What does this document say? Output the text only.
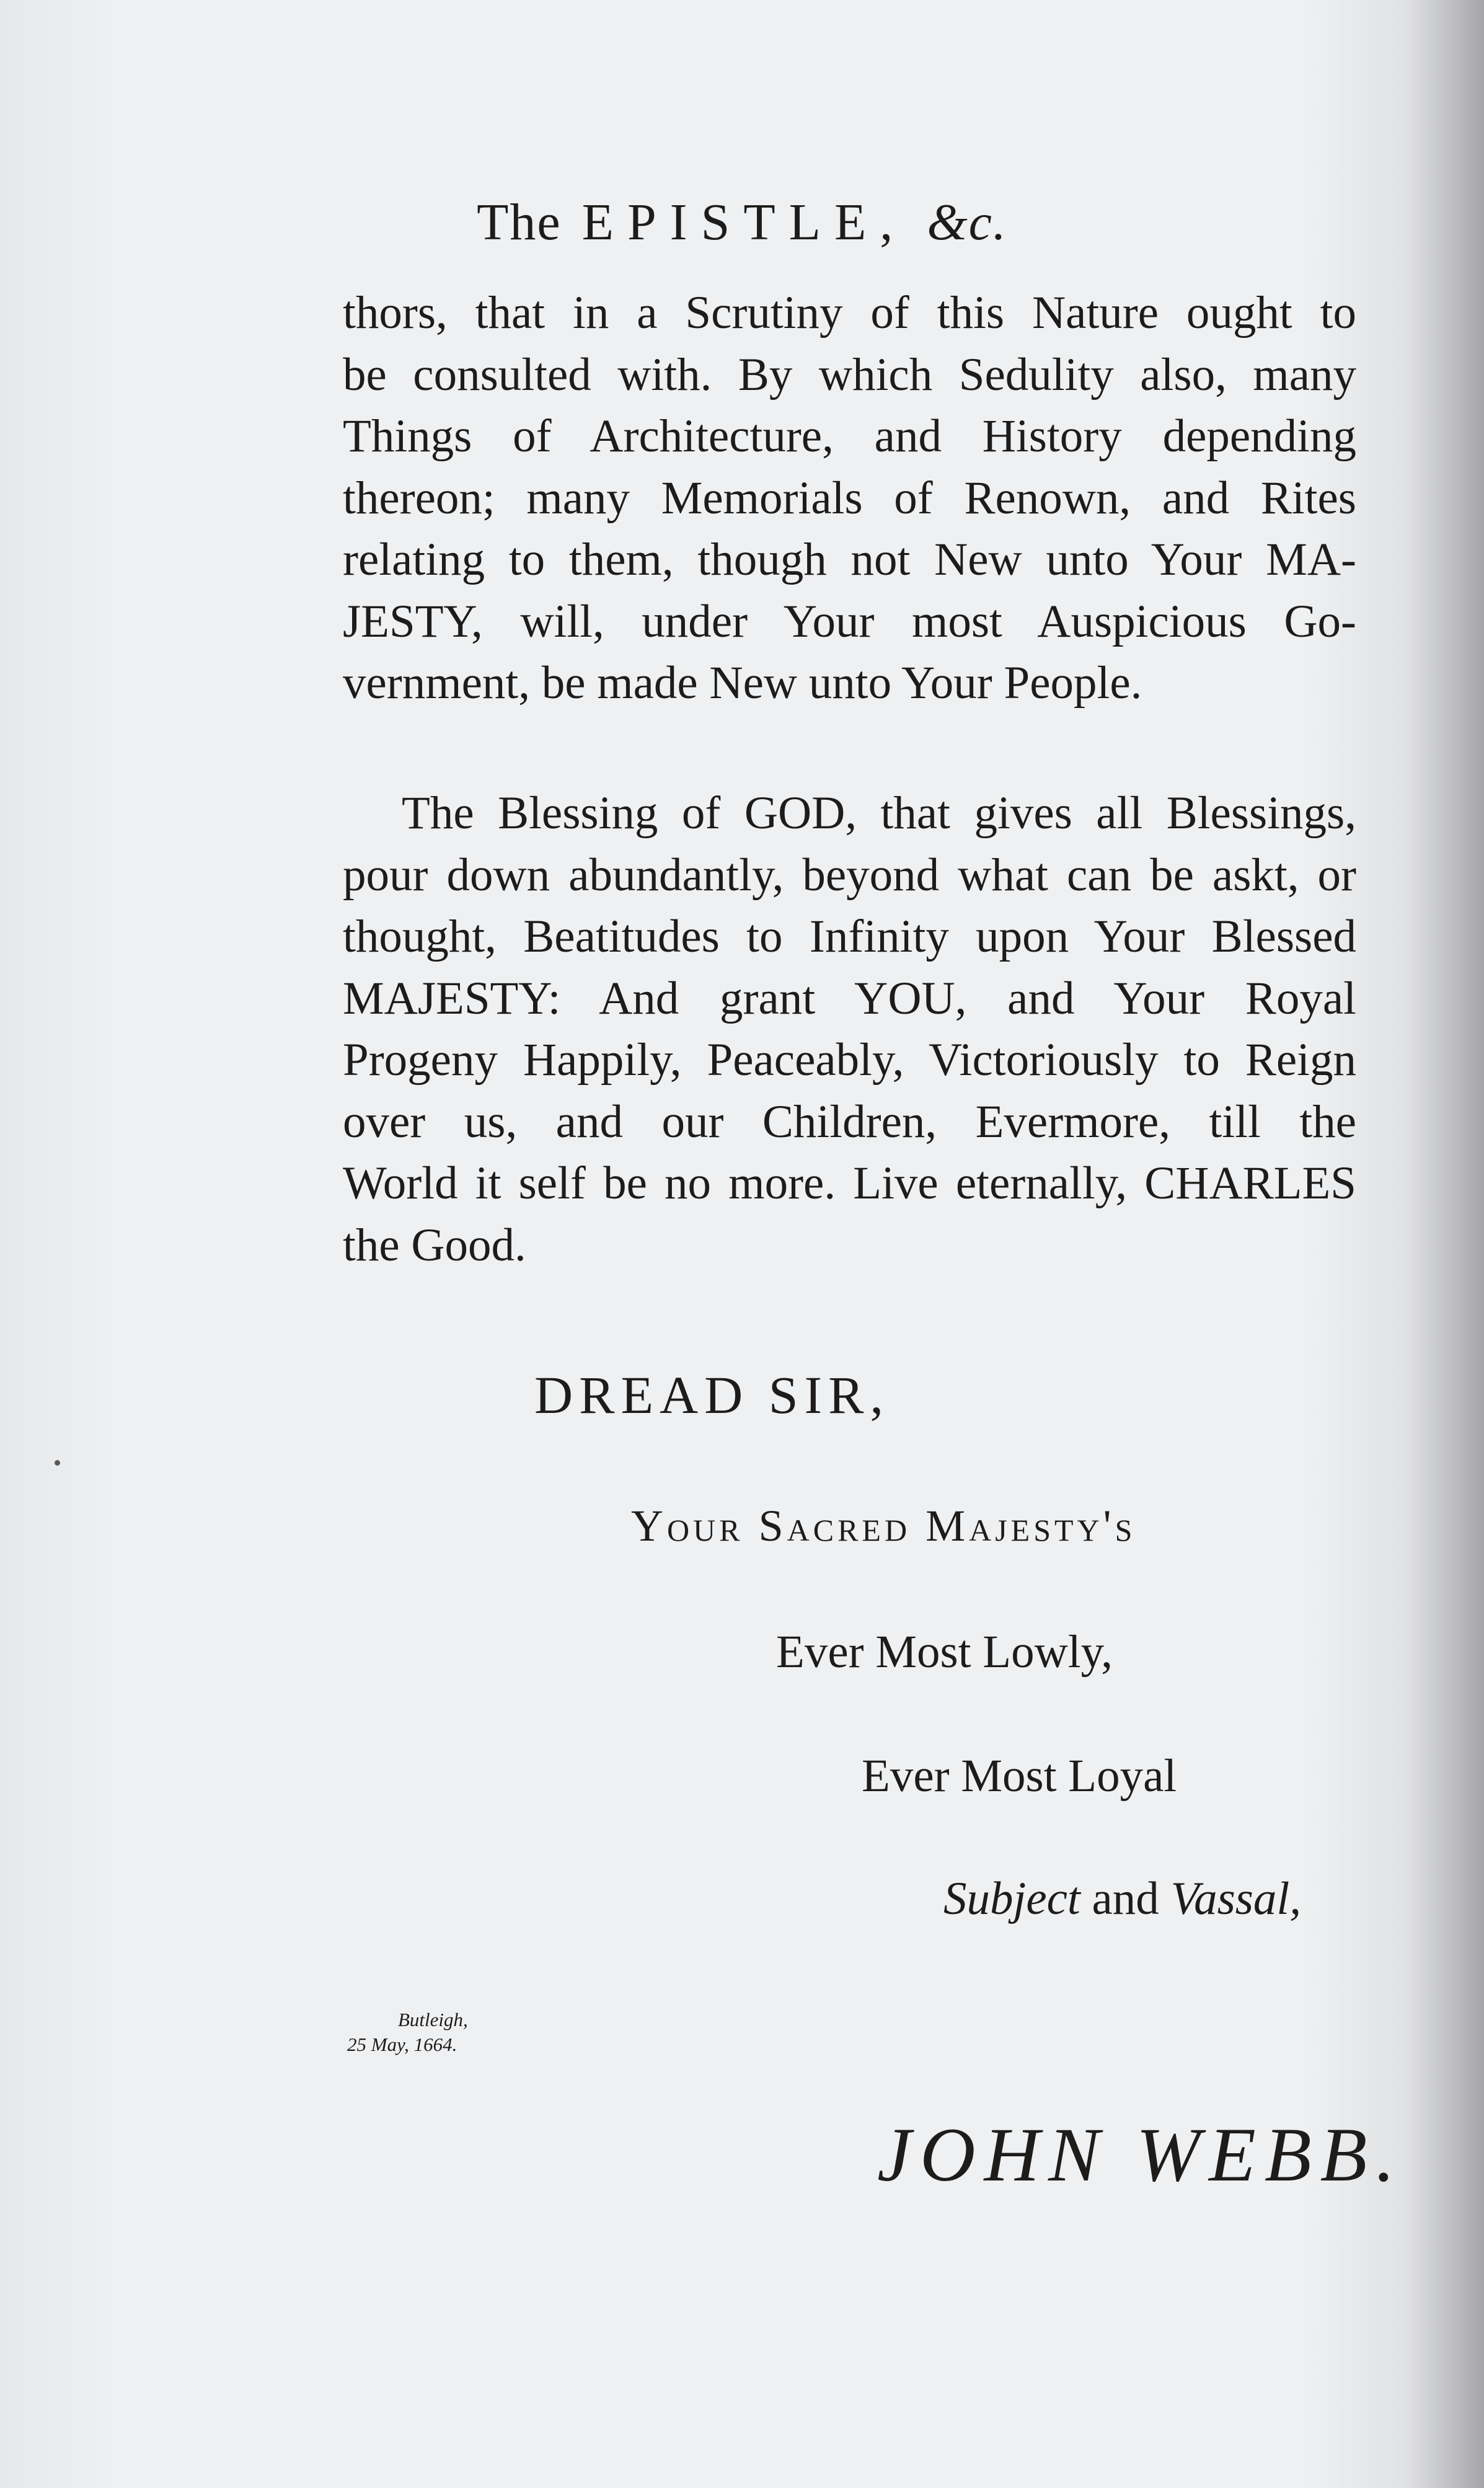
The EPISTLE, &c.
thors, that in a Scrutiny of this Nature ought to
be consulted with. By which Sedulity also, many
Things of Architecture, and History depending
thereon; many Memorials of Renown, and Rites
relating to them, though not New unto Your MA-
JESTY, will, under Your most Auspicious Go-
vernment, be made New unto Your People.
The Blessing of GOD, that gives all Blessings,
pour down abundantly, beyond what can be askt, or
thought, Beatitudes to Infinity upon Your Blessed
MAJESTY: And grant YOU, and Your Royal
Progeny Happily, Peaceably, Victoriously to Reign
over us, and our Children, Evermore, till the
World it self be no more. Live eternally, CHARLES
the Good.
DREAD SIR,
Your Sacred Majesty's
Ever Most Lowly,
Ever Most Loyal
Subject and Vassal,
Butleigh,
25 May, 1664.
JOHN WEBB.
